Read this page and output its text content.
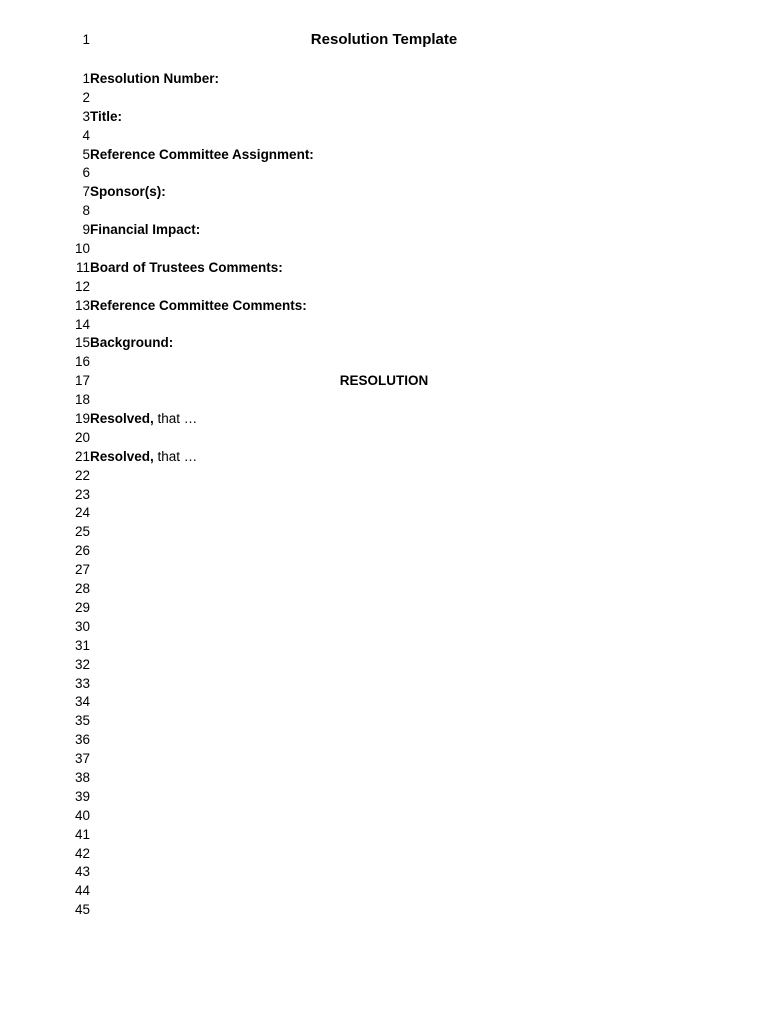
1	Resolution Template
1 Resolution Number:
2
3 Title:
4
5 Reference Committee Assignment:
6
7 Sponsor(s):
8
9 Financial Impact:
10
11 Board of Trustees Comments:
12
13 Reference Committee Comments:
14
15 Background:
16
17	RESOLUTION
18
19 Resolved, that …
20
21 Resolved, that …
22
23
24
25
26
27
28
29
30
31
32
33
34
35
36
37
38
39
40
41
42
43
44
45
